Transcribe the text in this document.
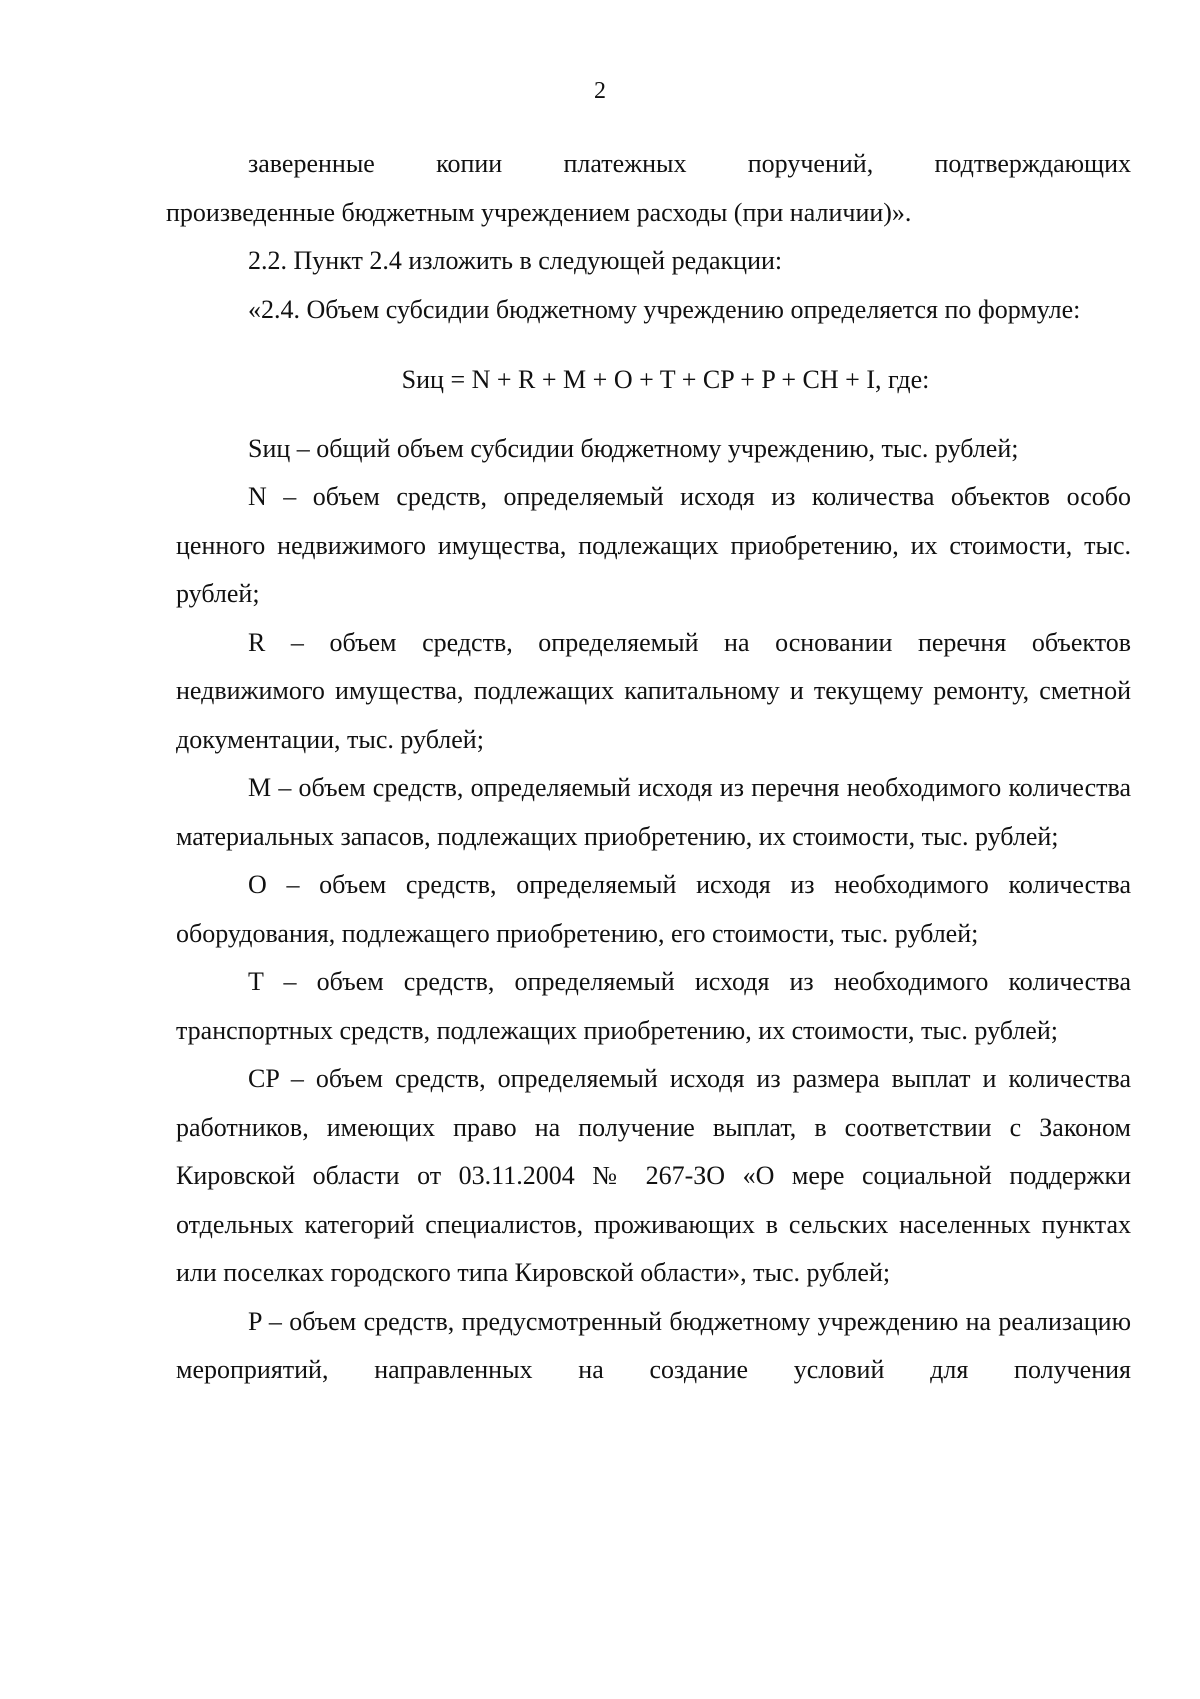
2

заверенные копии платежных поручений, подтверждающих

произведенные бюджетным учреждением расходы (при наличии)».

2.2. Пункт 2.4 изложить в следующей редакции:

«2.4. Объем субсидии бюджетному учреждению определяется по формуле:

Sиц = N + R + M + O + T + CP + P + CH + I, где:

Sиц – общий объем субсидии бюджетному учреждению, тыс. рублей;

N – объем средств, определяемый исходя из количества объектов особо ценного недвижимого имущества, подлежащих приобретению, их стоимости, тыс. рублей;

R – объем средств, определяемый на основании перечня объектов недвижимого имущества, подлежащих капитальному и текущему ремонту, сметной документации, тыс. рублей;

M – объем средств, определяемый исходя из перечня необходимого количества материальных запасов, подлежащих приобретению, их стоимости, тыс. рублей;

O – объем средств, определяемый исходя из необходимого количества оборудования, подлежащего приобретению, его стоимости, тыс. рублей;

T – объем средств, определяемый исходя из необходимого количества транспортных средств, подлежащих приобретению, их стоимости, тыс. рублей;

CP – объем средств, определяемый исходя из размера выплат и количества работников, имеющих право на получение выплат, в соответствии с Законом Кировской области от 03.11.2004 № 267-ЗО «О мере социальной поддержки отдельных категорий специалистов, проживающих в сельских населенных пунктах или поселках городского типа Кировской области», тыс. рублей;

P – объем средств, предусмотренный бюджетному учреждению на реализацию мероприятий, направленных на создание условий для получения
